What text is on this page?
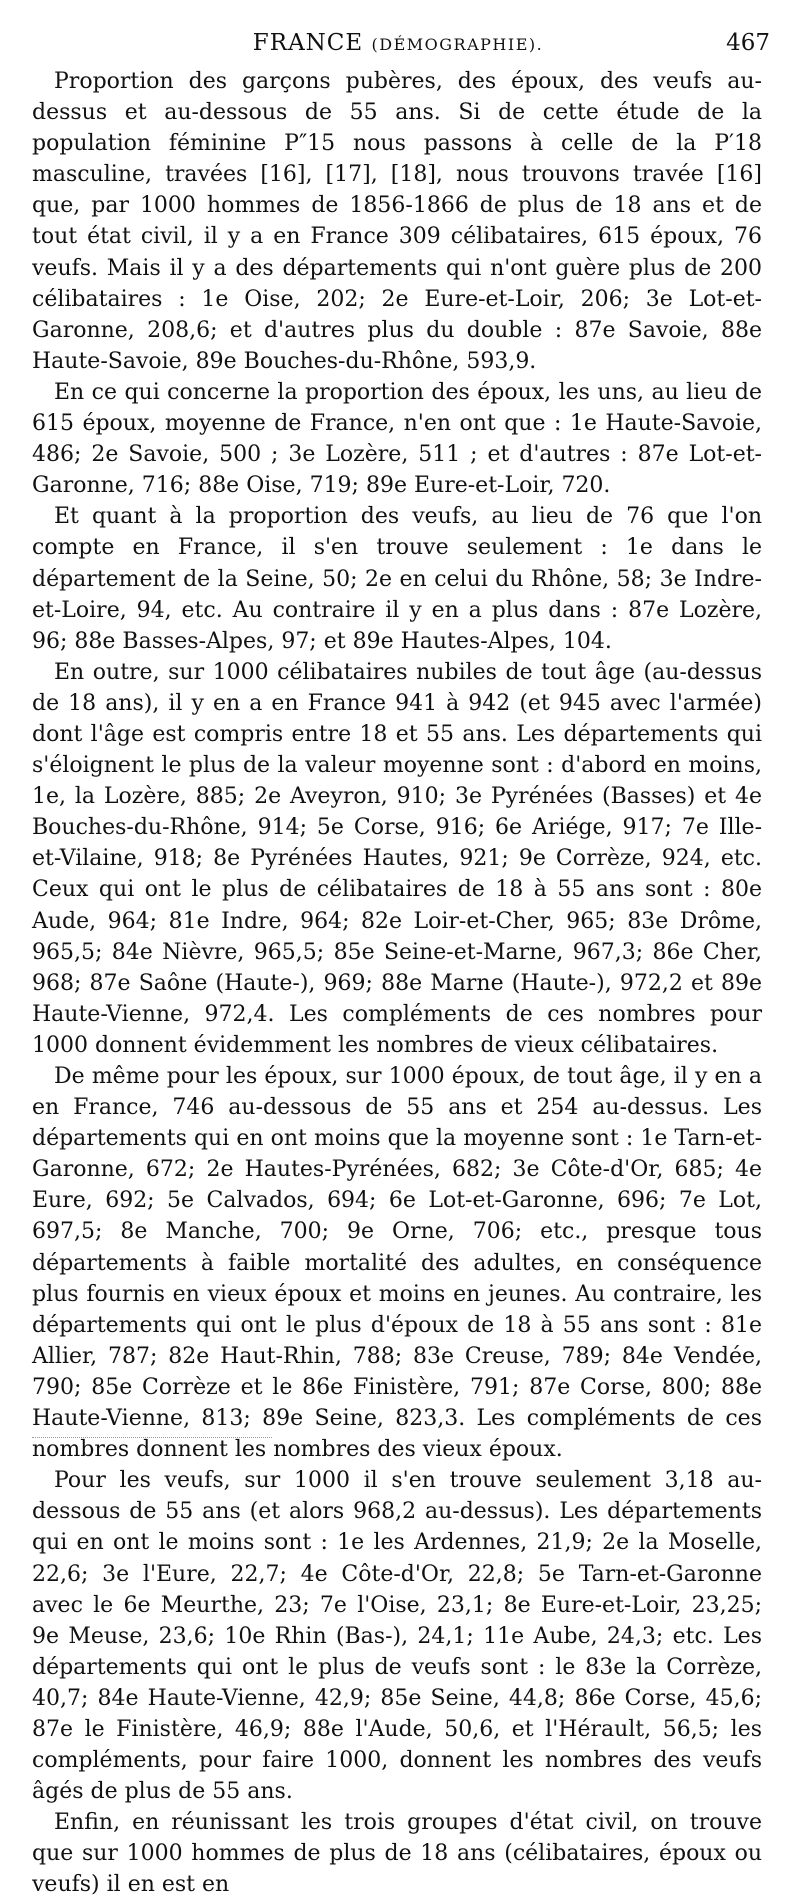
FRANCE (DÉMOGRAPHIE).	467

Proportion des garçons pubères, des époux, des veufs au-dessus et au-dessous de 55 ans. Si de cette étude de la population féminine P″15 nous passons à celle de la P′18 masculine, travées [16], [17], [18], nous trouvons travée [16] que, par 1000 hommes de 1856-1866 de plus de 18 ans et de tout état civil, il y a en France 309 célibataires, 615 époux, 76 veufs. Mais il y a des départements qui n'ont guère plus de 200 célibataires : 1e Oise, 202; 2e Eure-et-Loir, 206; 3e Lot-et-Garonne, 208,6; et d'autres plus du double : 87e Savoie, 88e Haute-Savoie, 89e Bouches-du-Rhône, 593,9.

En ce qui concerne la proportion des époux, les uns, au lieu de 615 époux, moyenne de France, n'en ont que : 1e Haute-Savoie, 486; 2e Savoie, 500 ; 3e Lozère, 511 ; et d'autres : 87e Lot-et-Garonne, 716; 88e Oise, 719; 89e Eure-et-Loir, 720.

Et quant à la proportion des veufs, au lieu de 76 que l'on compte en France, il s'en trouve seulement : 1e dans le département de la Seine, 50; 2e en celui du Rhône, 58; 3e Indre-et-Loire, 94, etc. Au contraire il y en a plus dans : 87e Lozère, 96; 88e Basses-Alpes, 97; et 89e Hautes-Alpes, 104.

En outre, sur 1000 célibataires nubiles de tout âge (au-dessus de 18 ans), il y en a en France 941 à 942 (et 945 avec l'armée) dont l'âge est compris entre 18 et 55 ans. Les départements qui s'éloignent le plus de la valeur moyenne sont : d'abord en moins, 1e, la Lozère, 885; 2e Aveyron, 910; 3e Pyrénées (Basses) et 4e Bouches-du-Rhône, 914; 5e Corse, 916; 6e Ariége, 917; 7e Ille-et-Vilaine, 918; 8e Pyrénées Hautes, 921; 9e Corrèze, 924, etc. Ceux qui ont le plus de célibataires de 18 à 55 ans sont : 80e Aude, 964; 81e Indre, 964; 82e Loir-et-Cher, 965; 83e Drôme, 965,5; 84e Nièvre, 965,5; 85e Seine-et-Marne, 967,3; 86e Cher, 968; 87e Saône (Haute-), 969; 88e Marne (Haute-), 972,2 et 89e Haute-Vienne, 972,4. Les compléments de ces nombres pour 1000 donnent évidemment les nombres de vieux célibataires.

De même pour les époux, sur 1000 époux, de tout âge, il y en a en France, 746 au-dessous de 55 ans et 254 au-dessus. Les départements qui en ont moins que la moyenne sont : 1e Tarn-et-Garonne, 672; 2e Hautes-Pyrénées, 682; 3e Côte-d'Or, 685; 4e Eure, 692; 5e Calvados, 694; 6e Lot-et-Garonne, 696; 7e Lot, 697,5; 8e Manche, 700; 9e Orne, 706; etc., presque tous départements à faible mortalité des adultes, en conséquence plus fournis en vieux époux et moins en jeunes. Au contraire, les départements qui ont le plus d'époux de 18 à 55 ans sont : 81e Allier, 787; 82e Haut-Rhin, 788; 83e Creuse, 789; 84e Vendée, 790; 85e Corrèze et le 86e Finistère, 791; 87e Corse, 800; 88e Haute-Vienne, 813; 89e Seine, 823,3. Les compléments de ces nombres donnent les nombres des vieux époux.

Pour les veufs, sur 1000 il s'en trouve seulement 3,18 au-dessous de 55 ans (et alors 968,2 au-dessus). Les départements qui en ont le moins sont : 1e les Ardennes, 21,9; 2e la Moselle, 22,6; 3e l'Eure, 22,7; 4e Côte-d'Or, 22,8; 5e Tarn-et-Garonne avec le 6e Meurthe, 23; 7e l'Oise, 23,1; 8e Eure-et-Loir, 23,25; 9e Meuse, 23,6; 10e Rhin (Bas-), 24,1; 11e Aube, 24,3; etc. Les départements qui ont le plus de veufs sont : le 83e la Corrèze, 40,7; 84e Haute-Vienne, 42,9; 85e Seine, 44,8; 86e Corse, 45,6; 87e le Finistère, 46,9; 88e l'Aude, 50,6, et l'Hérault, 56,5; les compléments, pour faire 1000, donnent les nombres des veufs âgés de plus de 55 ans.

Enfin, en réunissant les trois groupes d'état civil, on trouve que sur 1000 hommes de plus de 18 ans (célibataires, époux ou veufs) il en est en
